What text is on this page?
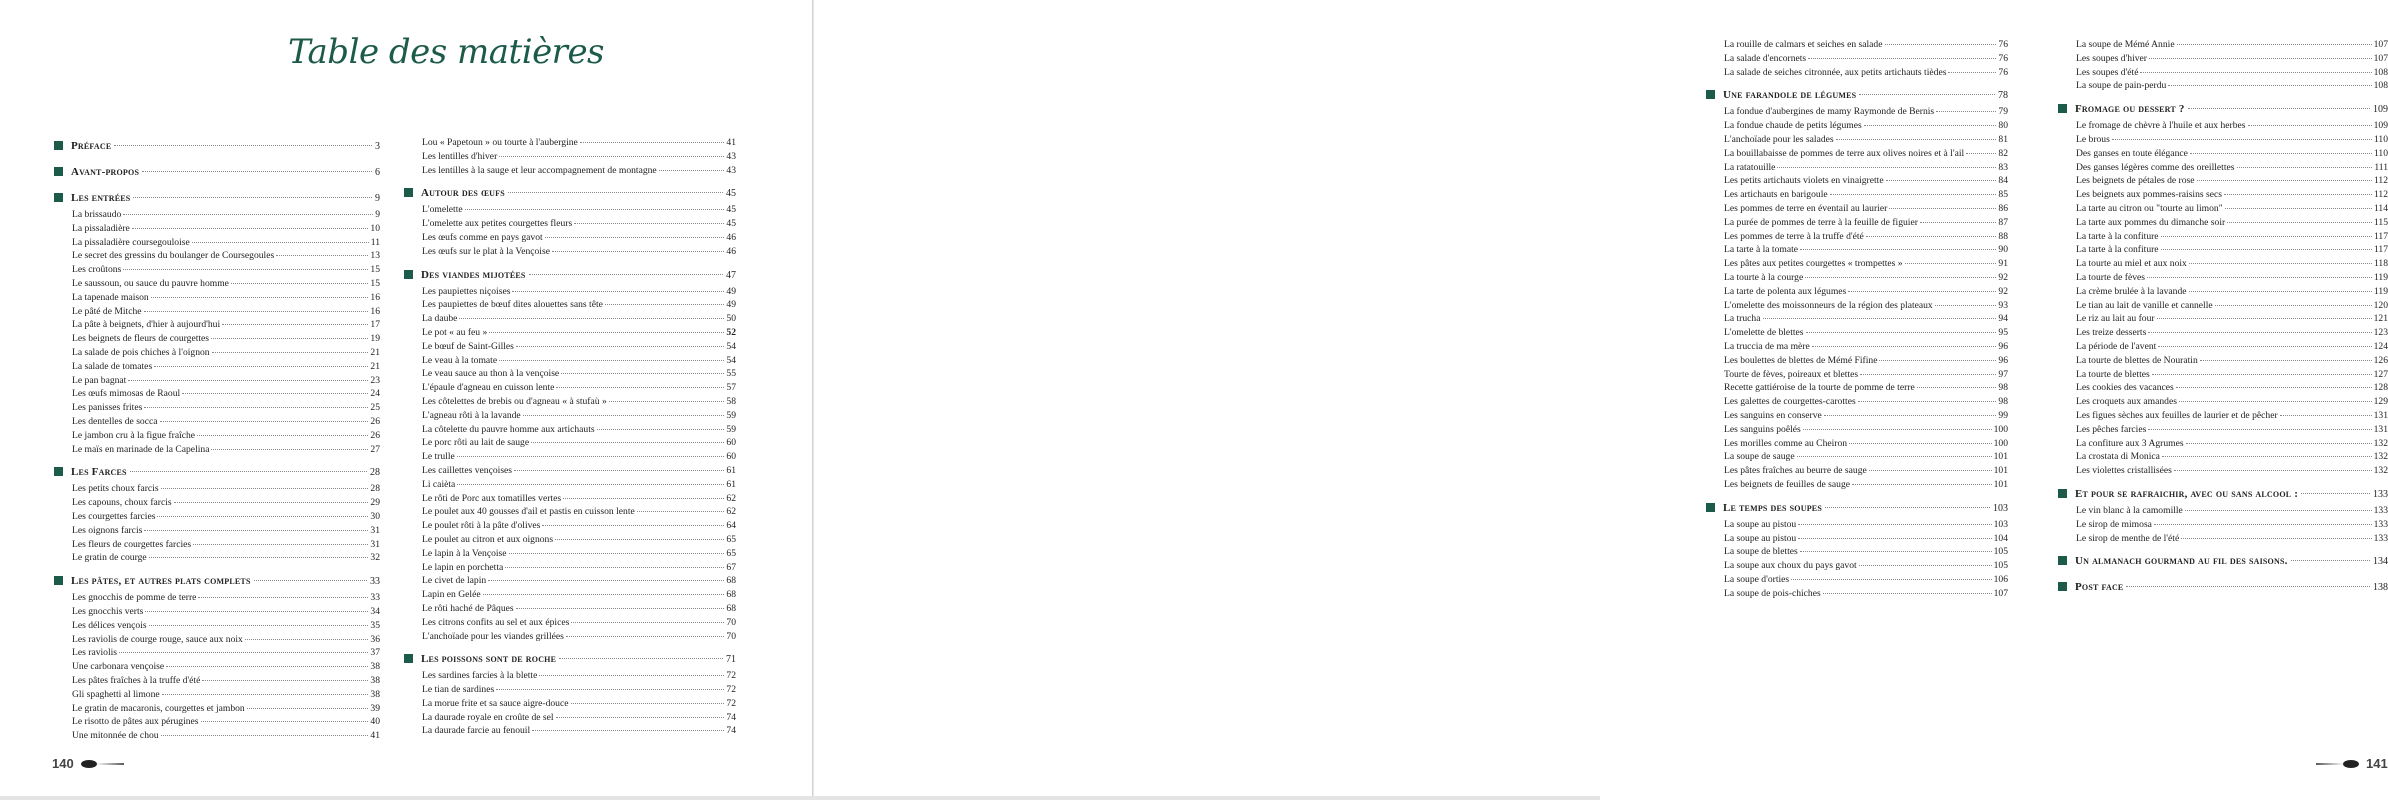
Table des matières
Préface	3
Avant-propos	6
Les entrées	9
La brissaudo	9
La pissaladière	10
La pissaladière coursegouloise	11
Le secret des gressins du boulanger de Coursegoules	13
Les croûtons	15
Le saussoun, ou sauce du pauvre homme	15
La tapenade maison	16
Le pâté de Mitche	16
La pâte à beignets, d'hier à aujourd'hui	17
Les beignets de fleurs de courgettes	19
La salade de pois chiches à l'oignon	21
La salade de tomates	21
Le pan bagnat	23
Les œufs mimosas de Raoul	24
Les panisses frites	25
Les dentelles de socca	26
Le jambon cru à la figue fraîche	26
Le maïs en marinade de la Capelina	27
Les Farces	28
Les petits choux farcis	28
Les capouns, choux farcis	29
Les courgettes farcies	30
Les oignons farcis	31
Les fleurs de courgettes farcies	31
Le gratin de courge	32
Les pâtes, et autres plats complets	33
Les gnocchis de pomme de terre	33
Les gnocchis verts	34
Les délices vençois	35
Les raviolis de courge rouge, sauce aux noix	36
Les raviolis	37
Une carbonara vençoise	38
Les pâtes fraîches à la truffe d'été	38
Gli spaghetti al limone	38
Le gratin de macaronis, courgettes et jambon	39
Le risotto de pâtes aux pérugines	40
Une mitonnée de chou	41
Lou « Papetoun » ou tourte à l'aubergine	41
Les lentilles d'hiver	43
Les lentilles à la sauge et leur accompagnement de montagne	43
Autour des œufs	45
L'omelette	45
L'omelette aux petites courgettes fleurs	45
Les œufs comme en pays gavot	46
Les œufs sur le plat à la Vençoise	46
Des viandes mijotées	47
Les paupiettes niçoises	49
Les paupiettes de bœuf dites alouettes sans tête	49
La daube	50
Le pot « au feu »	52
Le bœuf de Saint-Gilles	54
Le veau à la tomate	54
Le veau sauce au thon à la vençoise	55
L'épaule d'agneau en cuisson lente	57
Les côtelettes de brebis ou d'agneau « à stufaù »	58
L'agneau rôti à la lavande	59
La côtelette du pauvre homme aux artichauts	59
Le porc rôti au lait de sauge	60
Le trulle	60
Les caillettes vençoises	61
Li caièta	61
Le rôti de Porc aux tomatilles vertes	62
Le poulet aux 40 gousses d'ail et pastis en cuisson lente	62
Le poulet rôti à la pâte d'olives	64
Le poulet au citron et aux oignons	65
Le lapin à la Vençoise	65
Le lapin en porchetta	67
Le civet de lapin	68
Lapin en Gelée	68
Le rôti haché de Pâques	68
Les citrons confits au sel et aux épices	70
L'anchoïade pour les viandes grillées	70
Les poissons sont de roche	71
Les sardines farcies à la blette	72
Le tian de sardines	72
La morue frite et sa sauce aigre-douce	72
La daurade royale en croûte de sel	74
La daurade farcie au fenouil	74
140
La rouille de calmars et seiches en salade	76
La salade d'encornets	76
La salade de seiches citronnée, aux petits artichauts tièdes	76
Une farandole de légumes	78
La fondue d'aubergines de mamy Raymonde de Bernis	79
La fondue chaude de petits légumes	80
L'anchoïade pour les salades	81
La bouillabaisse de pommes de terre aux olives noires et à l'ail	82
La ratatouille	83
Les petits artichauts violets en vinaigrette	84
Les artichauts en barigoule	85
Les pommes de terre en éventail au laurier	86
La purée de pommes de terre à la feuille de figuier	87
Les pommes de terre à la truffe d'été	88
La tarte à la tomate	90
Les pâtes aux petites courgettes « trompettes »	91
La tourte à la courge	92
La tarte de polenta aux légumes	92
L'omelette des moissonneurs de la région des plateaux	93
La trucha	94
L'omelette de blettes	95
La truccia de ma mère	96
Les boulettes de blettes de Mémé Fifine	96
Tourte de fèves, poireaux et blettes	97
Recette gattiéroise de la tourte de pomme de terre	98
Les galettes de courgettes-carottes	98
Les sanguins en conserve	99
Les sanguins poêlés	100
Les morilles comme au Cheiron	100
La soupe de sauge	101
Les pâtes fraîches au beurre de sauge	101
Les beignets de feuilles de sauge	101
Le temps des soupes	103
La soupe au pistou	103
La soupe au pistou	104
La soupe de blettes	105
La soupe aux choux du pays gavot	105
La soupe d'orties	106
La soupe de pois-chiches	107
La soupe de Mémé Annie	107
Les soupes d'hiver	107
Les soupes d'été	108
La soupe de pain-perdu	108
Fromage ou dessert ?	109
Le fromage de chèvre à l'huile et aux herbes	109
Le brous	110
Des ganses en toute élégance	110
Des ganses légères comme des oreillettes	111
Les beignets de pétales de rose	112
Les beignets aux pommes-raisins secs	112
La tarte au citron ou "tourte au limon"	114
La tarte aux pommes du dimanche soir	115
La tarte à la confiture	117
La tarte à la confiture	117
La tourte au miel et aux noix	118
La tourte de fèves	119
La crème brulée à la lavande	119
Le tian au lait de vanille et cannelle	120
Le riz au lait au four	121
Les treize desserts	123
La période de l'avent	124
La tourte de blettes de Nouratin	126
La tourte de blettes	127
Les cookies des vacances	128
Les croquets aux amandes	129
Les figues sèches aux feuilles de laurier et de pêcher	131
Les pêches farcies	131
La confiture aux 3 Agrumes	132
La crostata di Monica	132
Les violettes cristallisées	132
Et pour se rafraichir, avec ou sans alcool :	133
Le vin blanc à la camomille	133
Le sirop de mimosa	133
Le sirop de menthe de l'été	133
Un almanach gourmand au fil des saisons.	134
Post face	138
141
